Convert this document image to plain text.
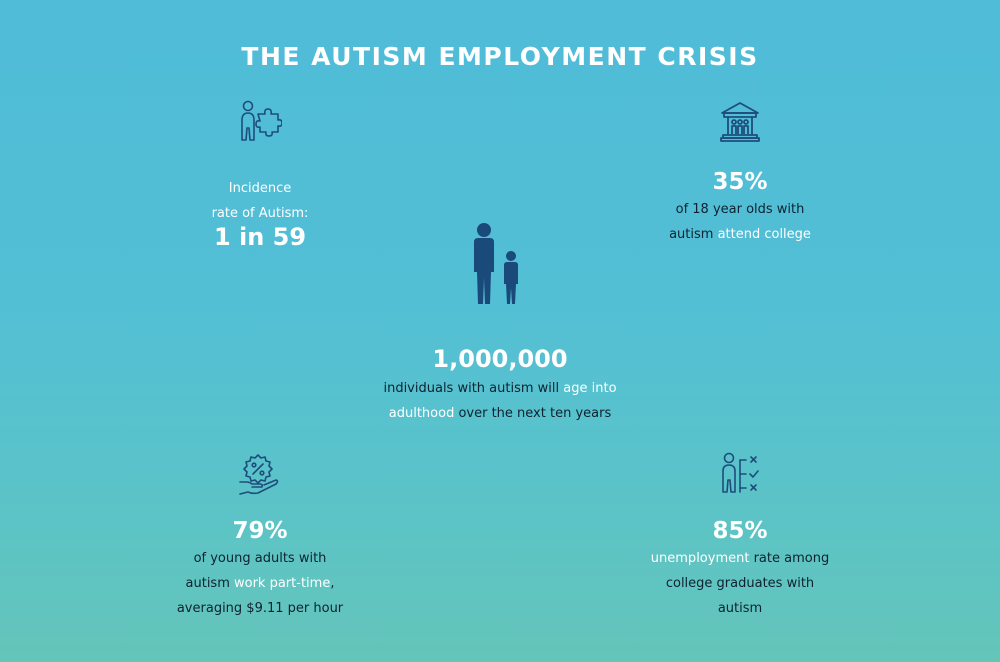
THE AUTISM EMPLOYMENT CRISIS
Incidence
rate of Autism:
1 in 59
35%
of 18 year olds with
autism attend college
1,000,000
individuals with autism will age into
adulthood over the next ten years
79%
of young adults with
autism work part-time,
averaging $9.11 per hour
85%
unemployment rate among
college graduates with
autism
